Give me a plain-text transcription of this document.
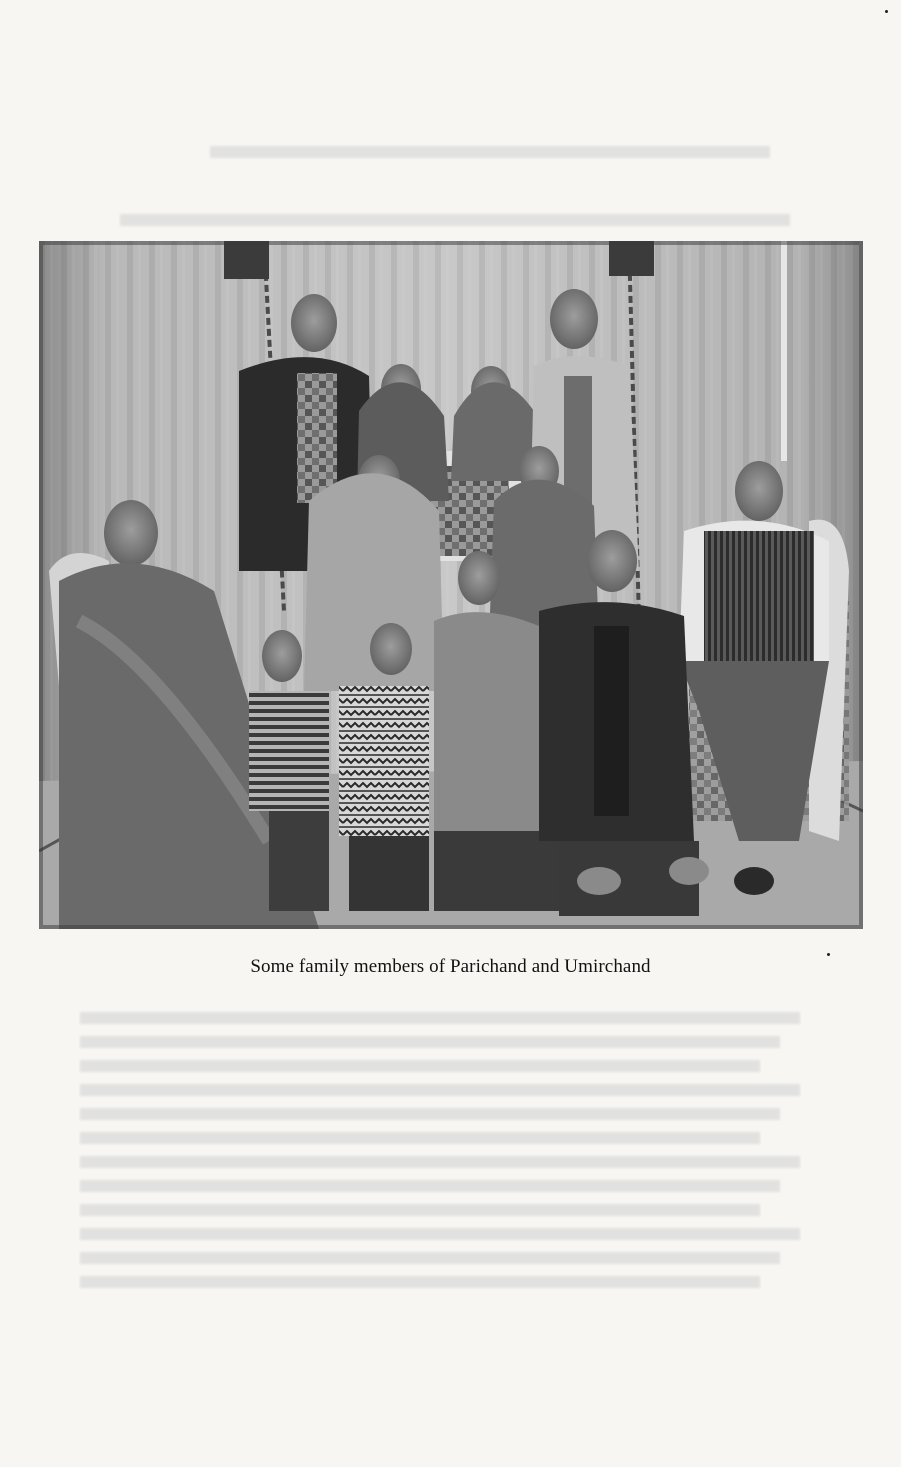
Some family members of Parichand and Umirchand
